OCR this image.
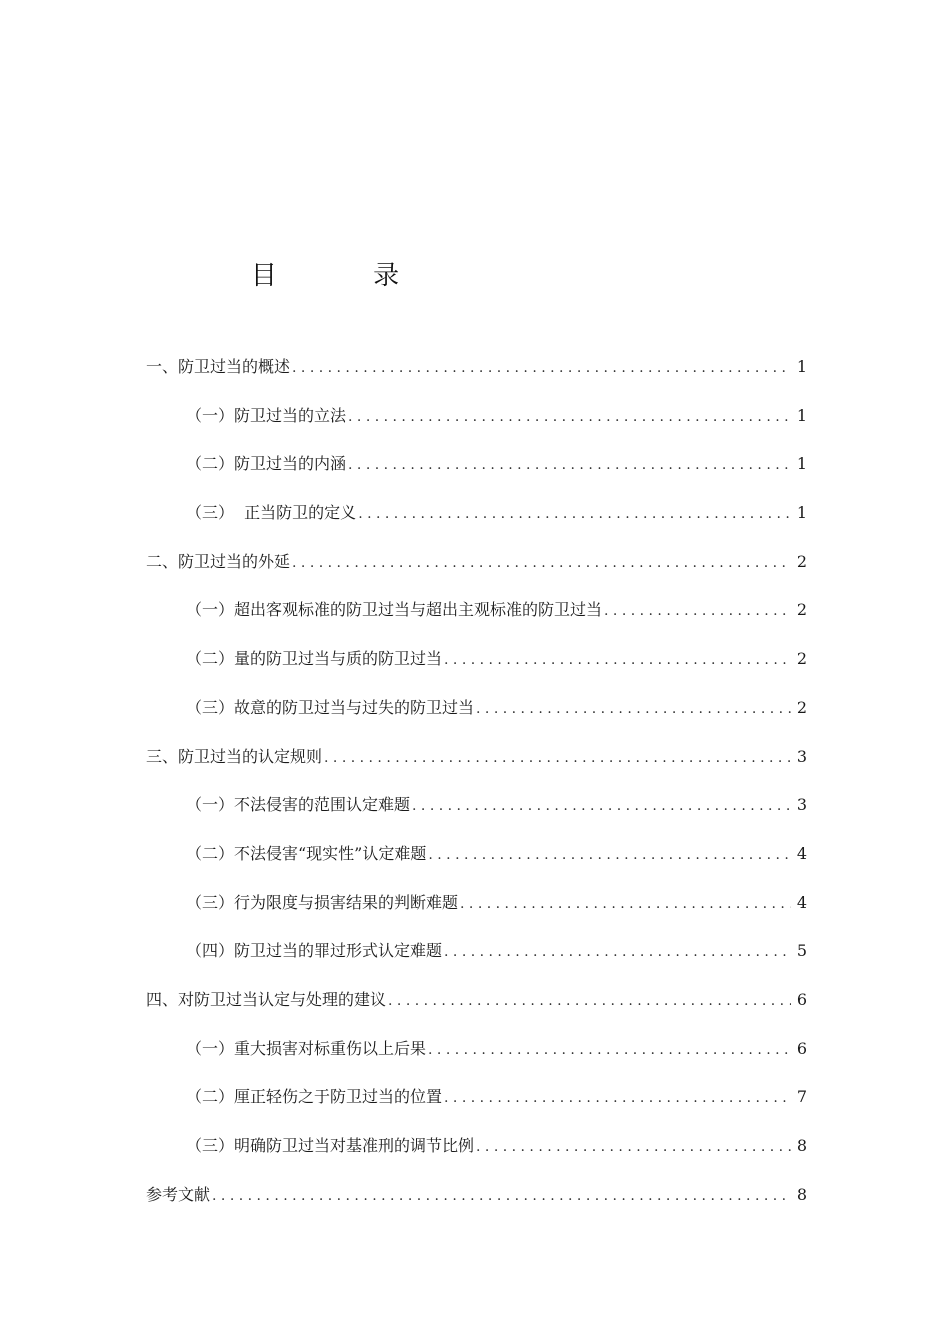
目 录
一、防卫过当的概述 . . .	1
（一）防卫过当的立法 . . .	1
（二）防卫过当的内涵 . . .	1
（三）  正当防卫的定义 . . .	1
二、防卫过当的外延 . . .	2
（一）超出客观标准的防卫过当与超出主观标准的防卫过当 . . .	2
（二）量的防卫过当与质的防卫过当 . . .	2
（三）故意的防卫过当与过失的防卫过当 . . .	2
三、防卫过当的认定规则 . . .	3
（一）不法侵害的范围认定难题 . . .	3
（二）不法侵害“现实性”认定难题 . . .	4
（三）行为限度与损害结果的判断难题 . . .	4
（四）防卫过当的罪过形式认定难题 . . .	5
四、对防卫过当认定与处理的建议 . . .	6
（一）重大损害对标重伤以上后果 . . .	6
（二）厘正轻伤之于防卫过当的位置 . . .	7
（三）明确防卫过当对基准刑的调节比例 . . .	8
参考文献 . . .	8
